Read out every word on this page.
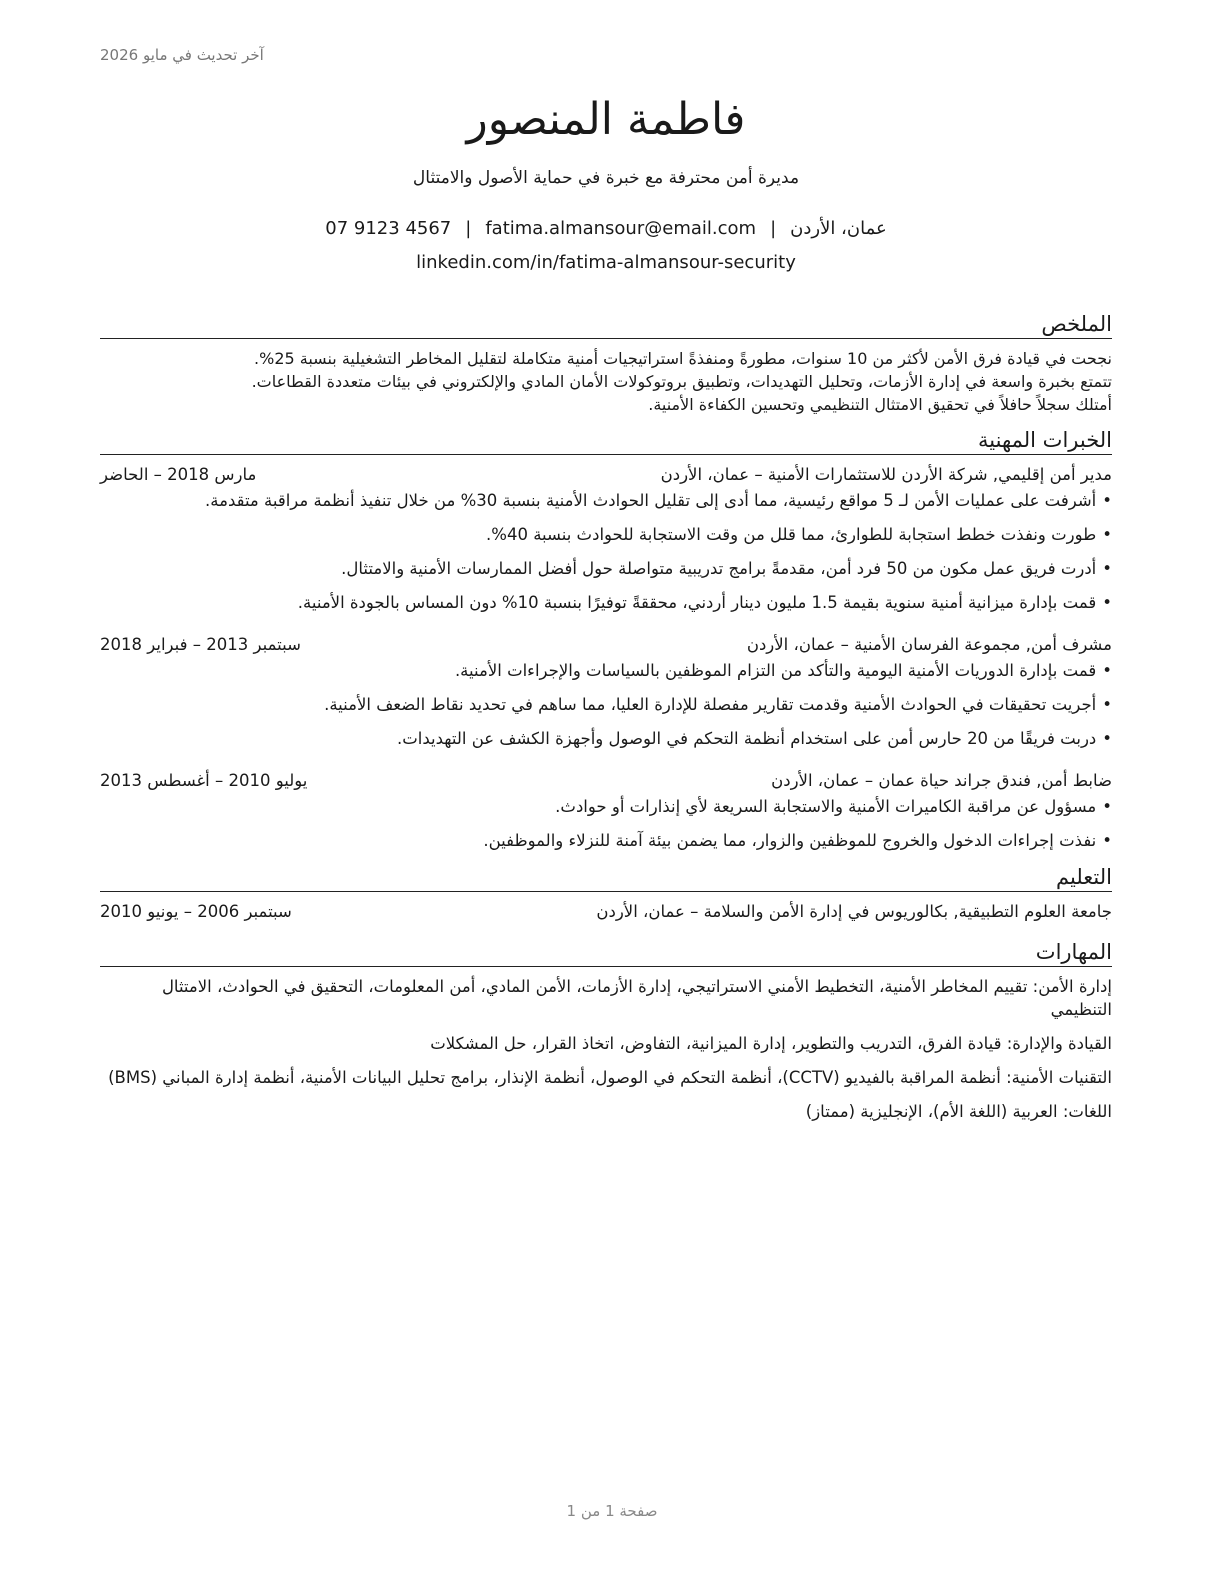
آخر تحديث في مايو 2026
فاطمة المنصور
مديرة أمن محترفة مع خبرة في حماية الأصول والامتثال
عمان، الأردن|fatima.almansour@email.com|07 9123 4567
linkedin.com/in/fatima-almansour-security
الملخص

نجحت في قيادة فرق الأمن لأكثر من 10 سنوات، مطورةً ومنفذةً استراتيجيات أمنية متكاملة لتقليل المخاطر التشغيلية بنسبة 25%.

تتمتع بخبرة واسعة في إدارة الأزمات، وتحليل التهديدات، وتطبيق بروتوكولات الأمان المادي والإلكتروني في بيئات متعددة القطاعات.

أمتلك سجلاً حافلاً في تحقيق الامتثال التنظيمي وتحسين الكفاءة الأمنية.

الخبرات المهنية
مدير أمن إقليمي, شركة الأردن للاستثمارات الأمنية – عمان، الأردن
مارس 2018 – الحاضر
•أشرفت على عمليات الأمن لـ 5 مواقع رئيسية، مما أدى إلى تقليل الحوادث الأمنية بنسبة 30% من خلال تنفيذ أنظمة مراقبة متقدمة.
•طورت ونفذت خطط استجابة للطوارئ، مما قلل من وقت الاستجابة للحوادث بنسبة 40%.
•أدرت فريق عمل مكون من 50 فرد أمن، مقدمةً برامج تدريبية متواصلة حول أفضل الممارسات الأمنية والامتثال.
•قمت بإدارة ميزانية أمنية سنوية بقيمة 1.5 مليون دينار أردني، محققةً توفيرًا بنسبة 10% دون المساس بالجودة الأمنية.
مشرف أمن, مجموعة الفرسان الأمنية – عمان، الأردن
سبتمبر 2013 – فبراير 2018
•قمت بإدارة الدوريات الأمنية اليومية والتأكد من التزام الموظفين بالسياسات والإجراءات الأمنية.
•أجريت تحقيقات في الحوادث الأمنية وقدمت تقارير مفصلة للإدارة العليا، مما ساهم في تحديد نقاط الضعف الأمنية.
•دربت فريقًا من 20 حارس أمن على استخدام أنظمة التحكم في الوصول وأجهزة الكشف عن التهديدات.
ضابط أمن, فندق جراند حياة عمان – عمان، الأردن
يوليو 2010 – أغسطس 2013
•مسؤول عن مراقبة الكاميرات الأمنية والاستجابة السريعة لأي إنذارات أو حوادث.
•نفذت إجراءات الدخول والخروج للموظفين والزوار، مما يضمن بيئة آمنة للنزلاء والموظفين.
التعليم
جامعة العلوم التطبيقية, بكالوريوس في إدارة الأمن والسلامة – عمان، الأردن
سبتمبر 2006 – يونيو 2010
المهارات

إدارة الأمن: تقييم المخاطر الأمنية، التخطيط الأمني الاستراتيجي، إدارة الأزمات، الأمن المادي، أمن المعلومات، التحقيق في الحوادث، الامتثال التنظيمي

القيادة والإدارة: قيادة الفرق، التدريب والتطوير، إدارة الميزانية، التفاوض، اتخاذ القرار، حل المشكلات

التقنيات الأمنية: أنظمة المراقبة بالفيديو (CCTV)، أنظمة التحكم في الوصول، أنظمة الإنذار، برامج تحليل البيانات الأمنية، أنظمة إدارة المباني (BMS)

اللغات: العربية (اللغة الأم)، الإنجليزية (ممتاز)

صفحة 1 من 1
